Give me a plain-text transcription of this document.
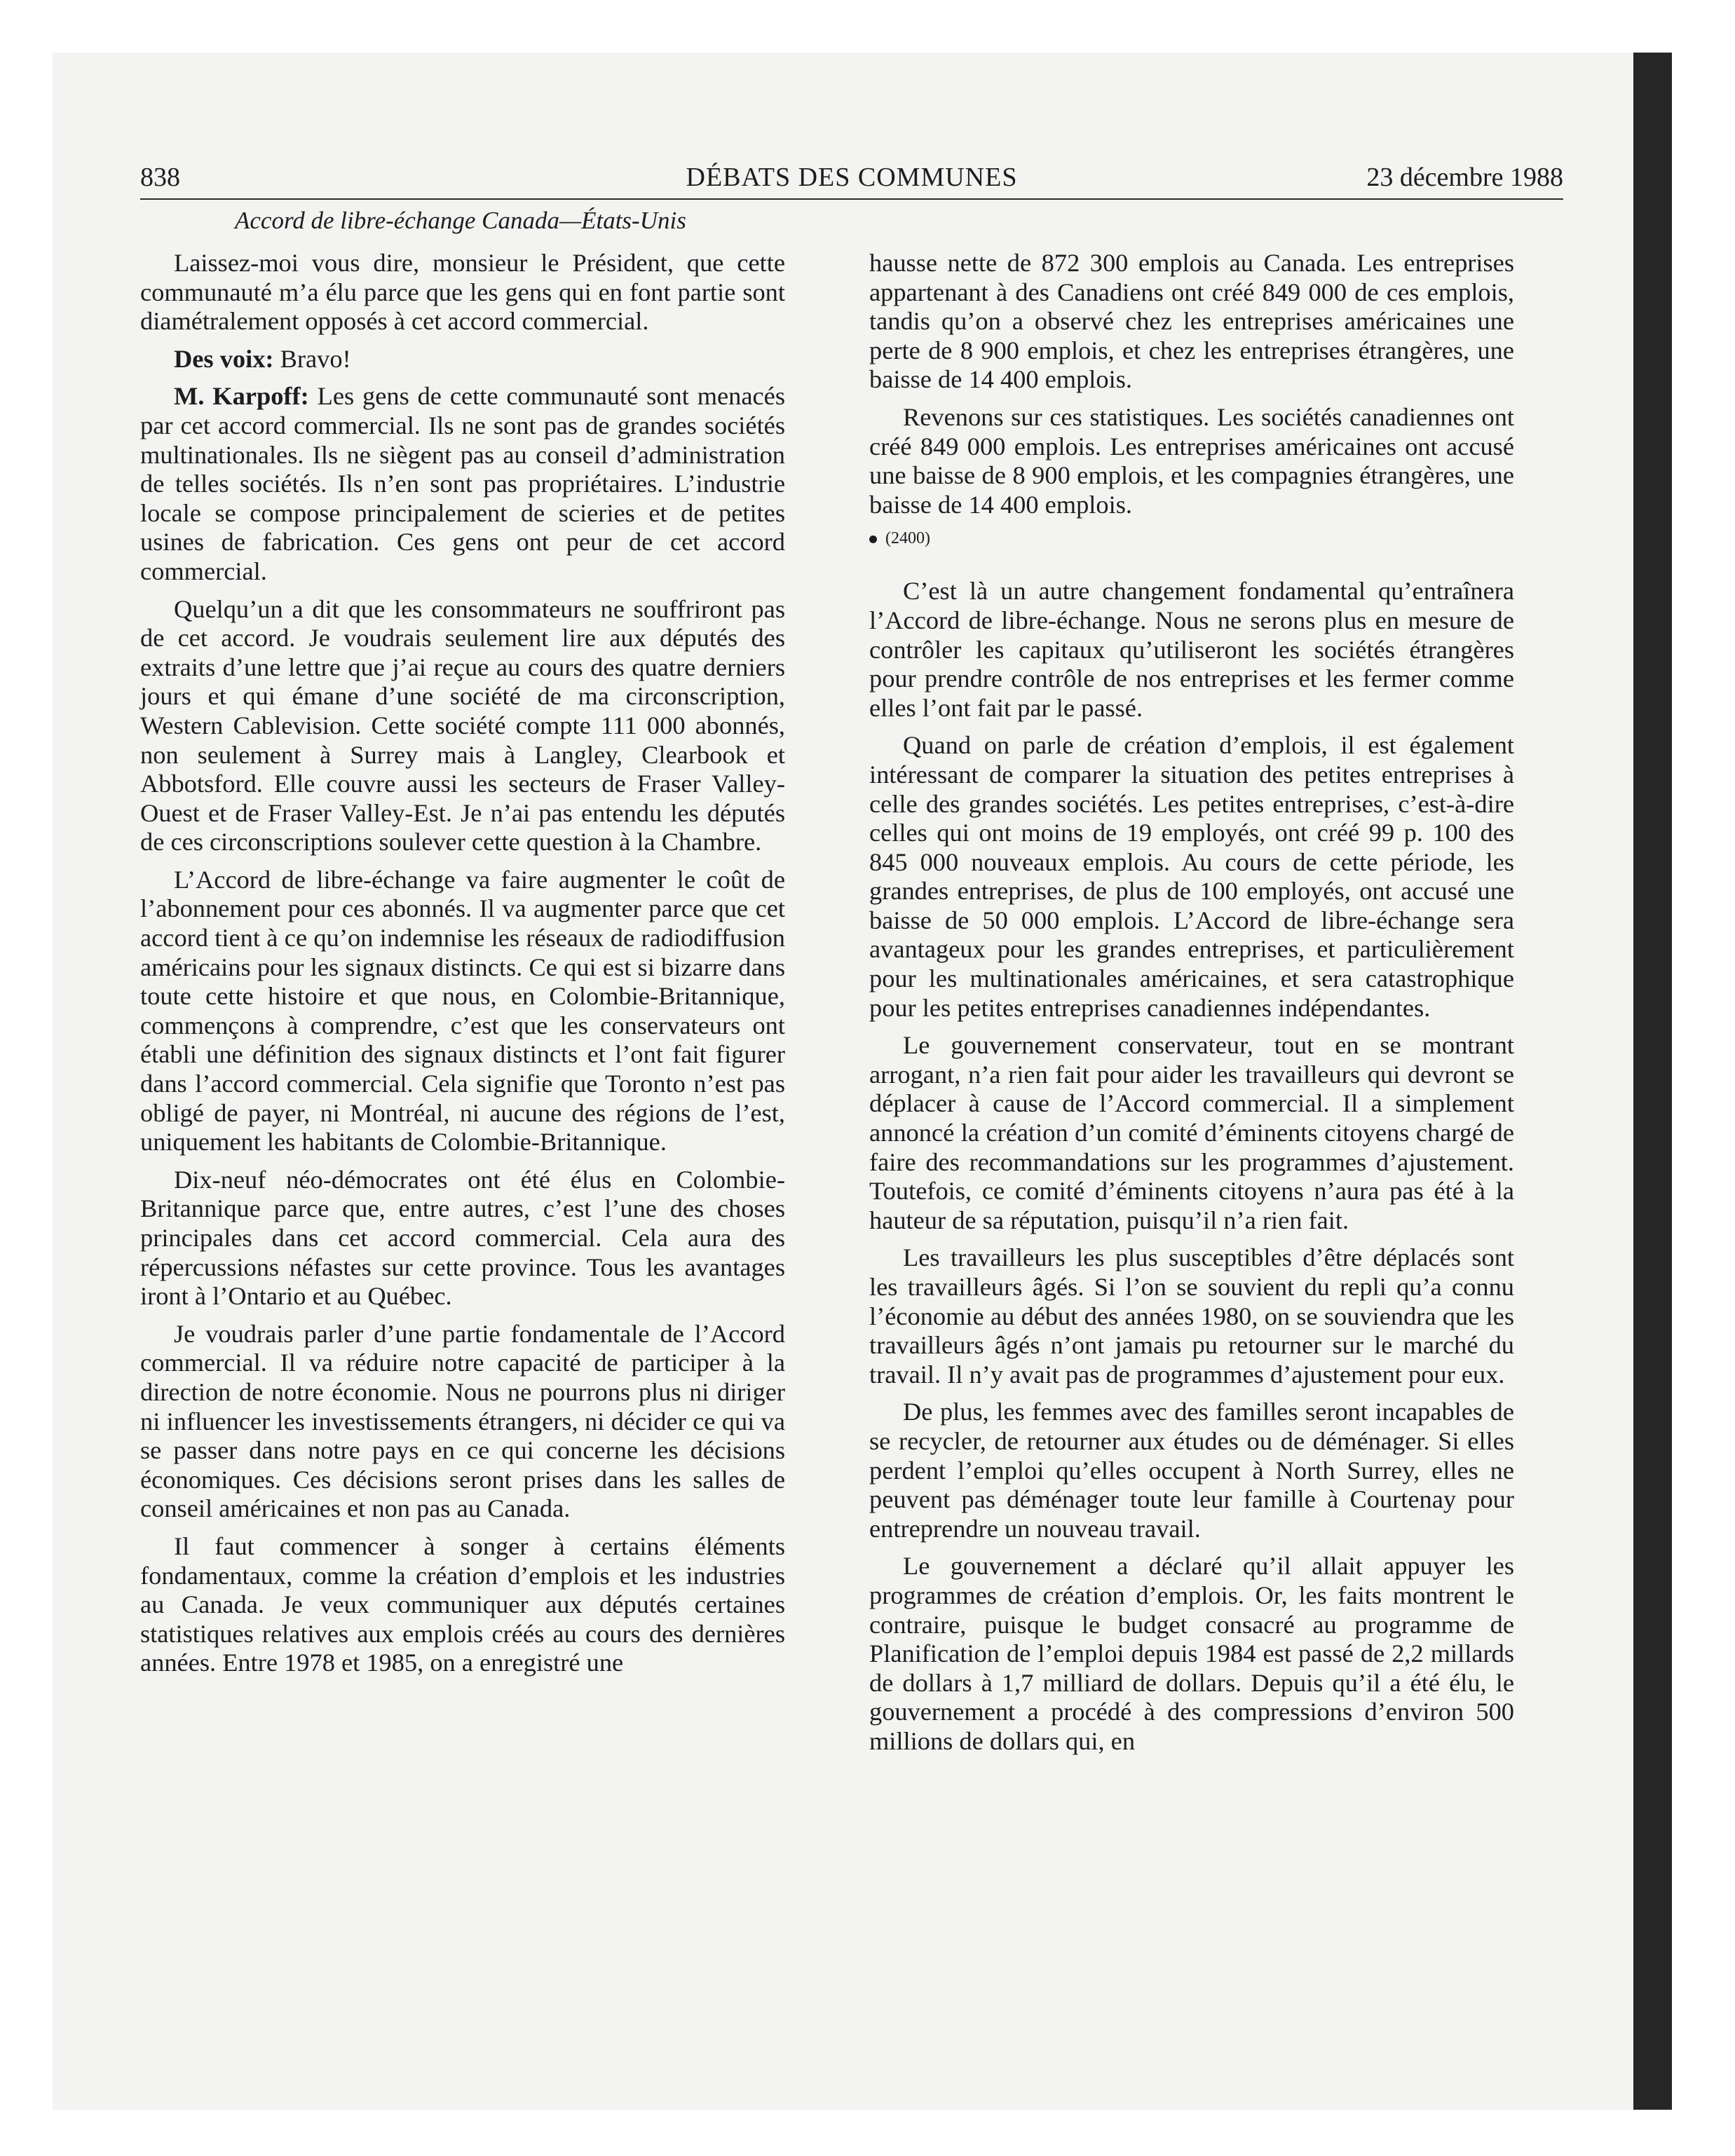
838	DÉBATS DES COMMUNES	23 décembre 1988
Accord de libre-échange Canada—États-Unis

Laissez-moi vous dire, monsieur le Président, que cette communauté m’a élu parce que les gens qui en font partie sont diamétralement opposés à cet accord commercial.

Des voix: Bravo!

M. Karpoff: Les gens de cette communauté sont menacés par cet accord commercial. Ils ne sont pas de grandes sociétés multinationales. Ils ne siègent pas au conseil d’administration de telles sociétés. Ils n’en sont pas propriétaires. L’industrie locale se compose principalement de scieries et de petites usines de fabrication. Ces gens ont peur de cet accord commercial.

Quelqu’un a dit que les consommateurs ne souffriront pas de cet accord. Je voudrais seulement lire aux députés des extraits d’une lettre que j’ai reçue au cours des quatre derniers jours et qui émane d’une société de ma circonscription, Western Cablevision. Cette société compte 111 000 abonnés, non seulement à Surrey mais à Langley, Clearbook et Abbotsford. Elle couvre aussi les secteurs de Fraser Valley-Ouest et de Fraser Valley-Est. Je n’ai pas entendu les députés de ces circonscriptions soulever cette question à la Chambre.

L’Accord de libre-échange va faire augmenter le coût de l’abonnement pour ces abonnés. Il va augmenter parce que cet accord tient à ce qu’on indemnise les réseaux de radiodiffusion américains pour les signaux distincts. Ce qui est si bizarre dans toute cette histoire et que nous, en Colombie-Britannique, commençons à comprendre, c’est que les conservateurs ont établi une définition des signaux distincts et l’ont fait figurer dans l’accord commercial. Cela signifie que Toronto n’est pas obligé de payer, ni Montréal, ni aucune des régions de l’est, uniquement les habitants de Colombie-Britannique.

Dix-neuf néo-démocrates ont été élus en Colombie-Britannique parce que, entre autres, c’est l’une des choses principales dans cet accord commercial. Cela aura des répercussions néfastes sur cette province. Tous les avantages iront à l’Ontario et au Québec.

Je voudrais parler d’une partie fondamentale de l’Accord commercial. Il va réduire notre capacité de participer à la direction de notre économie. Nous ne pourrons plus ni diriger ni influencer les investissements étrangers, ni décider ce qui va se passer dans notre pays en ce qui concerne les décisions économiques. Ces décisions seront prises dans les salles de conseil américaines et non pas au Canada.

Il faut commencer à songer à certains éléments fondamentaux, comme la création d’emplois et les industries au Canada. Je veux communiquer aux députés certaines statistiques relatives aux emplois créés au cours des dernières années. Entre 1978 et 1985, on a enregistré une

hausse nette de 872 300 emplois au Canada. Les entreprises appartenant à des Canadiens ont créé 849 000 de ces emplois, tandis qu’on a observé chez les entreprises américaines une perte de 8 900 emplois, et chez les entreprises étrangères, une baisse de 14 400 emplois.

Revenons sur ces statistiques. Les sociétés canadiennes ont créé 849 000 emplois. Les entreprises américaines ont accusé une baisse de 8 900 emplois, et les compagnies étrangères, une baisse de 14 400 emplois.

(2400)

C’est là un autre changement fondamental qu’entraînera l’Accord de libre-échange. Nous ne serons plus en mesure de contrôler les capitaux qu’utiliseront les sociétés étrangères pour prendre contrôle de nos entreprises et les fermer comme elles l’ont fait par le passé.

Quand on parle de création d’emplois, il est également intéressant de comparer la situation des petites entreprises à celle des grandes sociétés. Les petites entreprises, c’est-à-dire celles qui ont moins de 19 employés, ont créé 99 p. 100 des 845 000 nouveaux emplois. Au cours de cette période, les grandes entreprises, de plus de 100 employés, ont accusé une baisse de 50 000 emplois. L’Accord de libre-échange sera avantageux pour les grandes entreprises, et particulièrement pour les multinationales américaines, et sera catastrophique pour les petites entreprises canadiennes indépendantes.

Le gouvernement conservateur, tout en se montrant arrogant, n’a rien fait pour aider les travailleurs qui devront se déplacer à cause de l’Accord commercial. Il a simplement annoncé la création d’un comité d’éminents citoyens chargé de faire des recommandations sur les programmes d’ajustement. Toutefois, ce comité d’éminents citoyens n’aura pas été à la hauteur de sa réputation, puisqu’il n’a rien fait.

Les travailleurs les plus susceptibles d’être déplacés sont les travailleurs âgés. Si l’on se souvient du repli qu’a connu l’économie au début des années 1980, on se souviendra que les travailleurs âgés n’ont jamais pu retourner sur le marché du travail. Il n’y avait pas de programmes d’ajustement pour eux.

De plus, les femmes avec des familles seront incapables de se recycler, de retourner aux études ou de déménager. Si elles perdent l’emploi qu’elles occupent à North Surrey, elles ne peuvent pas déménager toute leur famille à Courtenay pour entreprendre un nouveau travail.

Le gouvernement a déclaré qu’il allait appuyer les programmes de création d’emplois. Or, les faits montrent le contraire, puisque le budget consacré au programme de Planification de l’emploi depuis 1984 est passé de 2,2 millards de dollars à 1,7 milliard de dollars. Depuis qu’il a été élu, le gouvernement a procédé à des compressions d’environ 500 millions de dollars qui, en
